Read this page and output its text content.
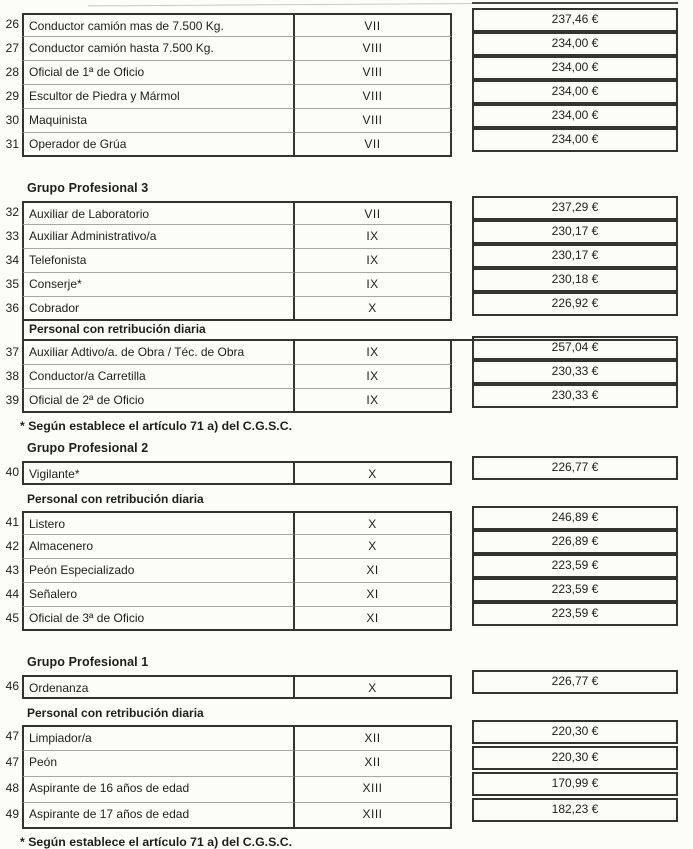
26 Conductor camión mas de 7.500 Kg.	VII	237,46 €
27 Conductor camión hasta 7.500 Kg.	VIII	234,00 €
28 Oficial de 1ª de Oficio	VIII	234,00 €
29 Escultor de Piedra y Mármol	VIII	234,00 €
30 Maquinista	VIII	234,00 €
31 Operador de Grúa	VII	234,00 €
Grupo Profesional 3
32 Auxiliar de Laboratorio	VII	237,29 €
33 Auxiliar Administrativo/a	IX	230,17 €
34 Telefonista	IX	230,17 €
35 Conserje*	IX	230,18 €
36 Cobrador	X	226,92 €
Personal con retribución diaria
37 Auxiliar Adtivo/a. de Obra / Téc. de Obra	IX	257,04 €
38 Conductor/a Carretilla	IX	230,33 €
39 Oficial de 2ª de Oficio	IX	230,33 €
* Según establece el artículo 71 a) del C.G.S.C.
Grupo Profesional 2
40 Vigilante*	X	226,77 €
Personal con retribución diaria
41 Listero	X	246,89 €
42 Almacenero	X	226,89 €
43 Peón Especializado	XI	223,59 €
44 Señalero	XI	223,59 €
45 Oficial de 3ª de Oficio	XI	223,59 €
Grupo Profesional 1
46 Ordenanza	X	226,77 €
Personal con retribución diaria
47 Limpiador/a	XII	220,30 €
47 Peón	XII	220,30 €
48 Aspirante de 16 años de edad	XIII	170,99 €
49 Aspirante de 17 años de edad	XIII	182,23 €
* Según establece el artículo 71 a) del C.G.S.C.
